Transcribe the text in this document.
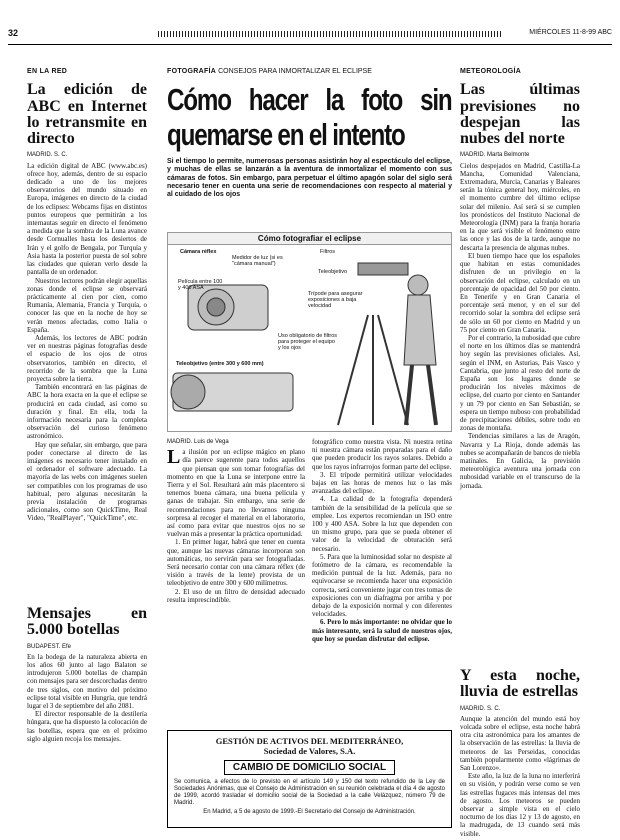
32	MIÉRCOLES 11-8-99 ABC
EN LA RED
La edición de ABC en Internet lo retransmite en directo
MADRID. S. C.

La edición digital de ABC (www.abc.es) ofrece hoy, además, dentro de su espacio dedicado a uno de los mejores observatorios del mundo situado en Europa, imágenes en directo de la ciudad de los eclipses: Webcams fijas en distintos puntos europeos que permitirán a los internautas seguir en directo el fenómeno a medida que la sombra de la Luna avance desde Cornualles hasta los desiertos de Irán y el golfo de Bengala, por Turquía y Asia hasta la posterior puesta de sol sobre las ciudades que quieran verlo desde la pantalla de un ordenador.

Nuestros lectores podrán elegir aquellas zonas donde el eclipse se observará prácticamente al cien por cien, como Rumanía, Alemania, Francia y Turquía, o conocer las que en la noche de hoy se verán menos afectadas, como Italia o España.

Además, los lectores de ABC podrán ver en nuestras páginas fotografías desde el espacio de los ojos de otros observatorios, también en directo, el recorrido de la sombra que la Luna proyecta sobre la tierra.

También encontrará en las páginas de ABC la hora exacta en la que el eclipse se producirá en cada ciudad, así como su duración y final. En ella, toda la información necesaria para la completa observación del curioso fenómeno astronómico.

Hay que señalar, sin embargo, que para poder conectarse al directo de las imágenes es necesario tener instalado en el ordenador el software adecuado. La mayoría de las webs con imágenes suelen ser compatibles con los programas de uso habitual, pero algunas necesitarán la previa instalación de programas adicionales, como son QuickTime, Real Video, "RealPlayer", "QuickTime", etc.

Mensajes en 5.000 botellas
BUDAPEST. Efe

En la bodega de la naturaleza abierta en los años 60 junto al lago Balaton se introdujeron 5.000 botellas de champán con mensajes para ser descorchadas dentro de tres siglos, con motivo del próximo eclipse total visible en Hungría, que tendrá lugar el 3 de septiembre del año 2081.

El director responsable de la destilería húngara, que ha dispuesto la colocación de las botellas, espera que en el próximo siglo alguien recoja los mensajes.

FOTOGRAFÍA CONSEJOS PARA INMORTALIZAR EL ECLIPSE
Cómo hacer la foto sin quemarse en el intento
Si el tiempo lo permite, numerosas personas asistirán hoy al espectáculo del eclipse, y muchas de ellas se lanzarán a la aventura de inmortalizar el momento con sus cámaras de fotos. Sin embargo, para perpetuar el último apagón solar del siglo será necesario tener en cuenta una serie de recomendaciones con respecto al material y al cuidado de los ojos
Cómo fotografiar el eclipse
Cámara réflex
Medidor de luz (si es "cámara manual")
Película entre 100 y 400 ASA
Filtros
Teleobjetivo
Trípode para asegurar exposiciones a baja velocidad
Uso obligatorio de filtros para proteger el equipo y los ojos
Teleobjetivo (entre 300 y 600 mm)
MADRID. Luis de Vega

La ilusión por un eclipse mágico en plano día parece sugerente para todos aquellos que piensan que son tomar fotografías del momento en que la Luna se interpone entre la Tierra y el Sol. Resultará aún más placentero si tenemos buena cámara, una buena película y ganas de trabajar. Sin embargo, una serie de recomendaciones para no llevarnos ninguna sorpresa al recoger el material en el laboratorio, así como para evitar que nuestros ojos no se vuelvan más a presentar la práctica oportunidad.

1. En primer lugar, habrá que tener en cuenta que, aunque las nuevas cámaras incorporan son automáticas, no servirán para ser fotografiadas. Será necesario contar con una cámara réflex (de visión a través de la lente) provista de un teleobjetivo de entre 300 y 600 milímetros.

2. El uso de un filtro de densidad adecuado resulta imprescindible.

fotográfico como nuestra vista. Ni nuestra retina ni nuestra cámara están preparadas para el daño que pueden producir los rayos solares. Debido a que los rayos infrarrojos forman parte del eclipse.

3. El trípode permitirá utilizar velocidades bajas en las horas de menos luz o las más avanzadas del eclipse.

4. La calidad de la fotografía dependerá también de la sensibilidad de la película que se emplee. Los expertos recomiendan un ISO entre 100 y 400 ASA. Sobre la luz que dependen con un mismo grupo, para que se pueda obtener el valor de la velocidad de obturación será necesario.

5. Para que la luminosidad solar no despiste al fotómetro de la cámara, es recomendable la medición puntual de la luz. Además, para no equivocarse se recomienda hacer una exposición correcta, será conveniente jugar con tres tomas de exposiciones con un diafragma por arriba y por debajo de la exposición normal y con diferentes velocidades.

6. Pero lo más importante: no olvidar que lo más interesante, será la salud de nuestros ojos, que hoy se puedan disfrutar del eclipse.

GESTIÓN DE ACTIVOS DEL MEDITERRÁNEO,
Sociedad de Valores, S.A.
CAMBIO DE DOMICILIO SOCIAL
Se comunica, a efectos de lo previsto en el artículo 149 y 150 del texto refundido de la Ley de Sociedades Anónimas, que el Consejo de Administración en su reunión celebrada el día 4 de agosto de 1999, acordó trasladar el domicilio social de la Sociedad a la calle Velázquez, número 79 de Madrid.
En Madrid, a 5 de agosto de 1999.-El Secretario del Consejo de Administración.
METEOROLOGÍA
Las últimas previsiones no despejan las nubes del norte
MADRID. Marta Belmonte

Cielos despejados en Madrid, Castilla-La Mancha, Comunidad Valenciana, Extremadura, Murcia, Canarias y Baleares serán la tónica general hoy, miércoles, en el momento cumbre del último eclipse solar del milenio. Así será si se cumplen los pronósticos del Instituto Nacional de Meteorología (INM) para la franja horaria en la que será visible el fenómeno entre las once y las dos de la tarde, aunque no descarta la presencia de algunas nubes.

El buen tiempo hace que los españoles que habitan en estas comunidades disfruten de un privilegio en la observación del eclipse, calculado en un porcentaje de opacidad del 50 por ciento. En Tenerife y en Gran Canaria el porcentaje será menor, y en el sur del recorrido solar la sombra del eclipse será de sólo un 60 por ciento en Madrid y un 75 por ciento en Gran Canaria.

Por el contrario, la nubosidad que cubre el norte en los últimos días se mantendrá hoy según las previsiones oficiales. Así, según el INM, en Asturias, País Vasco y Cantabria, que junto al resto del norte de España son los lugares donde se producirán los niveles máximos de eclipse, del cuarto por ciento en Santander y un 79 por ciento en San Sebastián, se espera un tiempo nuboso con probabilidad de precipitaciones débiles, sobre todo en zonas de montaña.

Tendencias similares a las de Aragón, Navarra y La Rioja, donde además las nubes se acompañarán de bancos de niebla matinales. En Galicia, la previsión meteorológica aventura una jornada con nubosidad variable en el transcurso de la jornada.

Y esta noche, lluvia de estrellas
MADRID. S. C.

Aunque la atención del mundo está hoy volcada sobre el eclipse, esta noche habrá otra cita astronómica para los amantes de la observación de las estrellas: la lluvia de meteoros de las Perseidas, conocidas también popularmente como «lágrimas de San Lorenzo».

Este año, la luz de la luna no interferirá en su visión, y podrán verse como se ven las estrellas fugaces más intensas del mes de agosto. Los meteoros se pueden observar a simple vista en el cielo nocturno de los días 12 y 13 de agosto, en la madrugada, de 13 cuando será más visible.
